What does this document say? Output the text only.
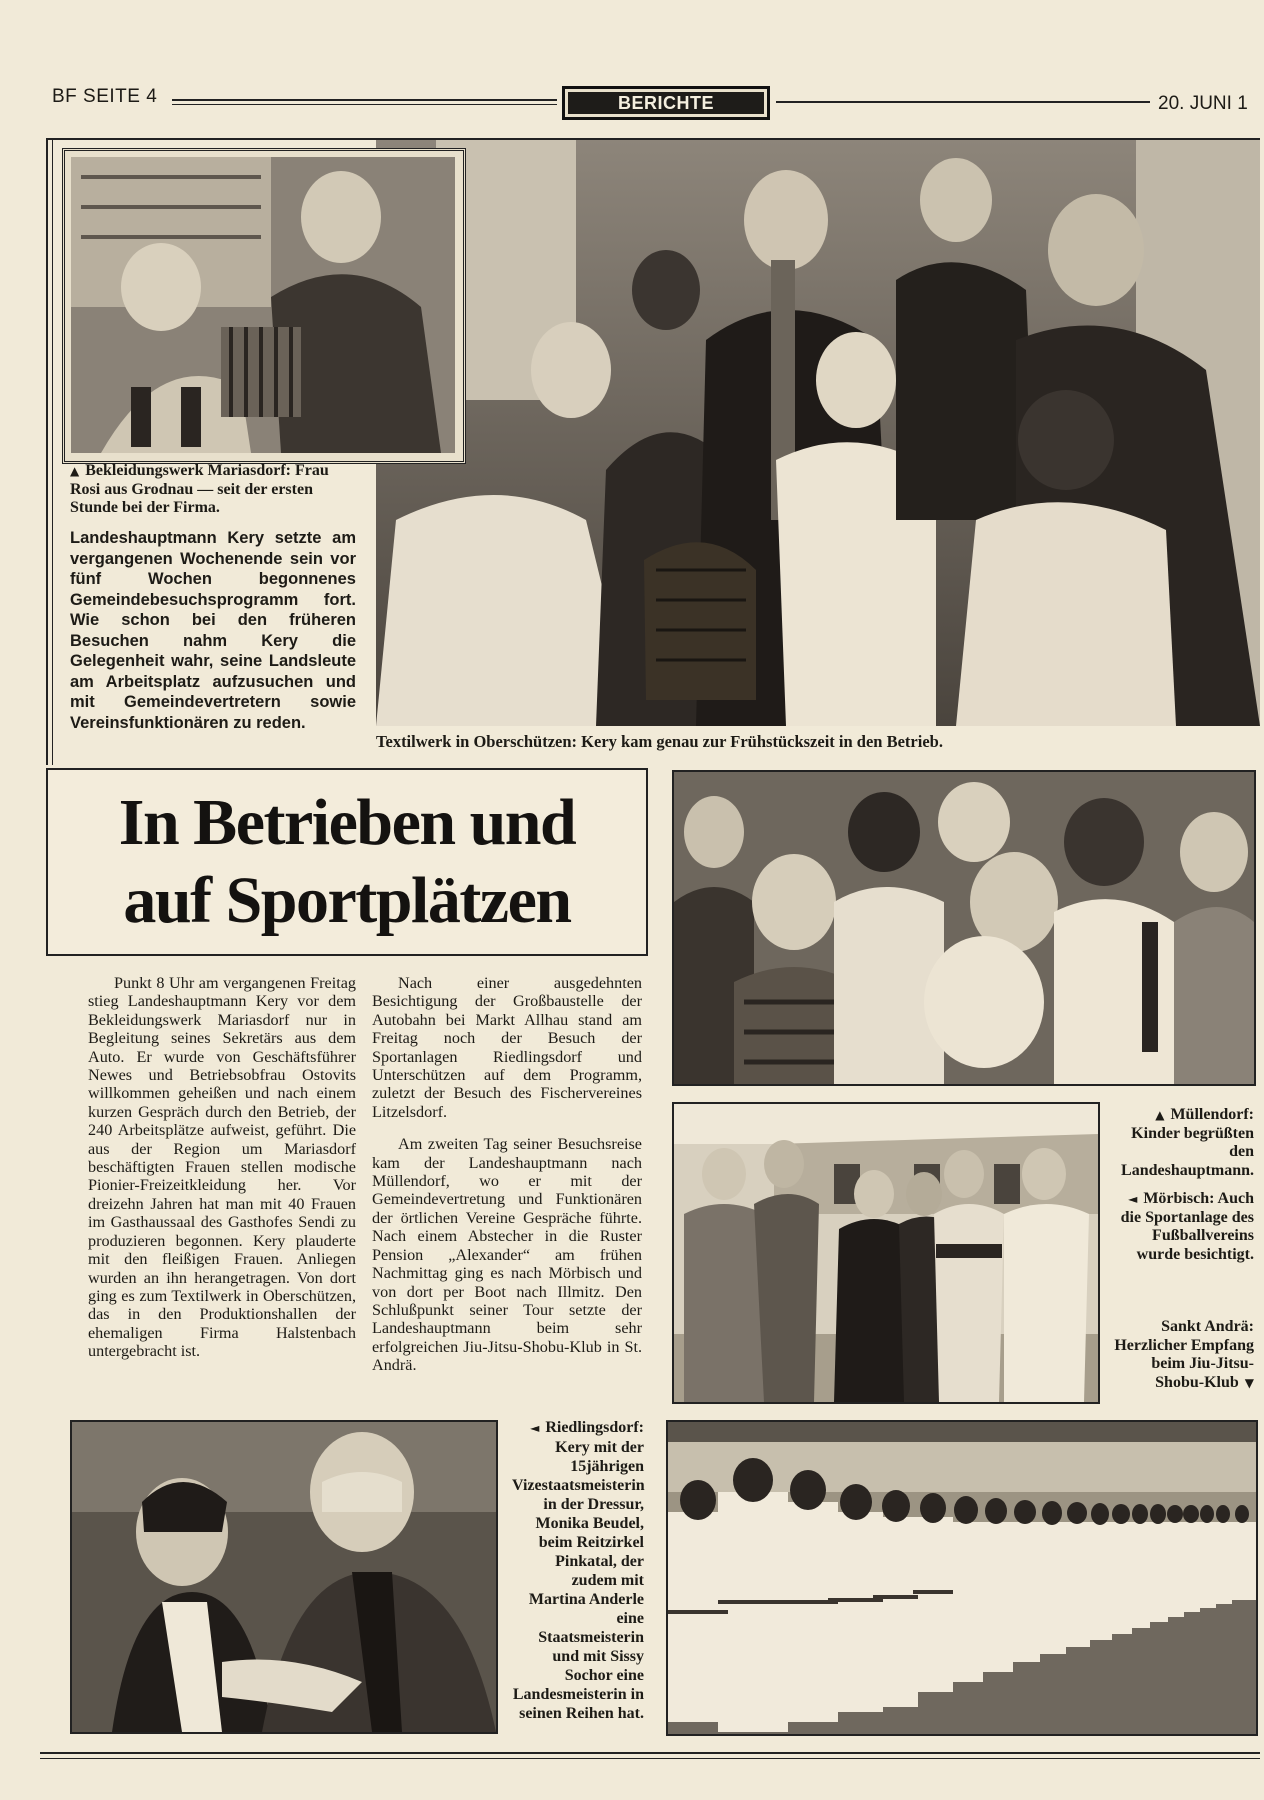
BF SEITE 4	BERICHTE	20. JUNI 1
▲ Bekleidungswerk Mariasdorf: Frau Rosi aus Grodnau — seit der ersten Stunde bei der Firma.
Landeshauptmann Kery setzte am vergangenen Wochenende sein vor fünf Wochen begonnenes Gemeindebesuchsprogramm fort. Wie schon bei den früheren Besuchen nahm Kery die Gelegenheit wahr, seine Landsleute am Arbeitsplatz aufzusuchen und mit Gemeindevertretern sowie Vereinsfunktionären zu reden.
Textilwerk in Oberschützen: Kery kam genau zur Frühstückszeit in den Betrieb.
In Betrieben und
auf Sportplätzen

Punkt 8 Uhr am vergangenen Freitag stieg Landeshauptmann Kery vor dem Bekleidungswerk Mariasdorf nur in Begleitung seines Sekretärs aus dem Auto. Er wurde von Geschäftsführer Newes und Betriebsobfrau Ostovits willkommen geheißen und nach einem kurzen Gespräch durch den Betrieb, der 240 Arbeitsplätze aufweist, geführt. Die aus der Region um Mariasdorf beschäftigten Frauen stellen modische Pionier-Freizeitkleidung her. Vor dreizehn Jahren hat man mit 40 Frauen im Gasthaussaal des Gasthofes Sendi zu produzieren begonnen. Kery plauderte mit den fleißigen Frauen. Anliegen wurden an ihn herangetragen. Von dort ging es zum Textilwerk in Oberschützen, das in den Produktionshallen der ehemaligen Firma Halstenbach untergebracht ist.

Nach einer ausgedehnten Besichtigung der Großbaustelle der Autobahn bei Markt Allhau stand am Freitag noch der Besuch der Sportanlagen Riedlingsdorf und Unterschützen auf dem Programm, zuletzt der Besuch des Fischervereines Litzelsdorf.

Am zweiten Tag seiner Besuchsreise kam der Landeshauptmann nach Müllendorf, wo er mit der Gemeindevertretung und Funktionären der örtlichen Vereine Gespräche führte. Nach einem Abstecher in die Ruster Pension „Alexander“ am frühen Nachmittag ging es nach Mörbisch und von dort per Boot nach Illmitz. Den Schlußpunkt seiner Tour setzte der Landeshauptmann beim sehr erfolgreichen Jiu-Jitsu-Shobu-Klub in St. Andrä.

▲ Müllendorf: Kinder begrüßten den Landeshauptmann.
◄ Mörbisch: Auch die Sportanlage des Fußballvereins wurde besichtigt.
Sankt Andrä: Herzlicher Empfang beim Jiu-Jitsu-Shobu-Klub ▼
◄ Riedlingsdorf: Kery mit der 15jährigen Vizestaatsmeisterin in der Dressur, Monika Beudel, beim Reitzirkel Pinkatal, der zudem mit Martina Anderle eine Staatsmeisterin und mit Sissy Sochor eine Landesmeisterin in seinen Reihen hat.
